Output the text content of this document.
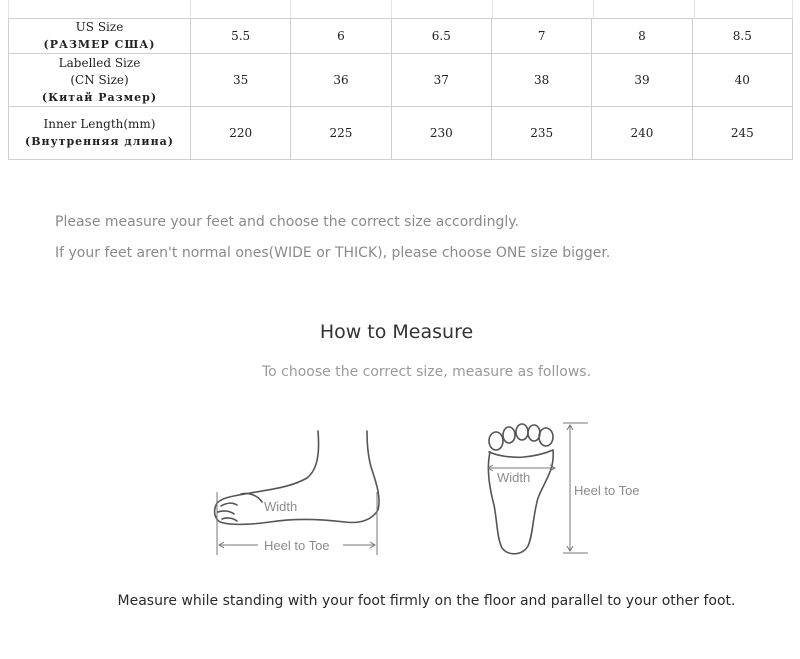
US Size
(РАЗМЕР США)	5.5	6	6.5	7	8	8.5

Labelled Size
(CN Size)
(Китай Размер)	35	36	37	38	39	40

Inner Length(mm)
(Внутренняя длина)	220	225	230	235	240	245
Please measure your feet and choose the correct size accordingly.
If your feet aren't normal ones(WIDE or THICK), please choose ONE size bigger.
How to Measure
To choose the correct size, measure as follows.
Width
Heel to Toe
Width
Heel to Toe
Measure while standing with your foot firmly on the floor and parallel to your other foot.
